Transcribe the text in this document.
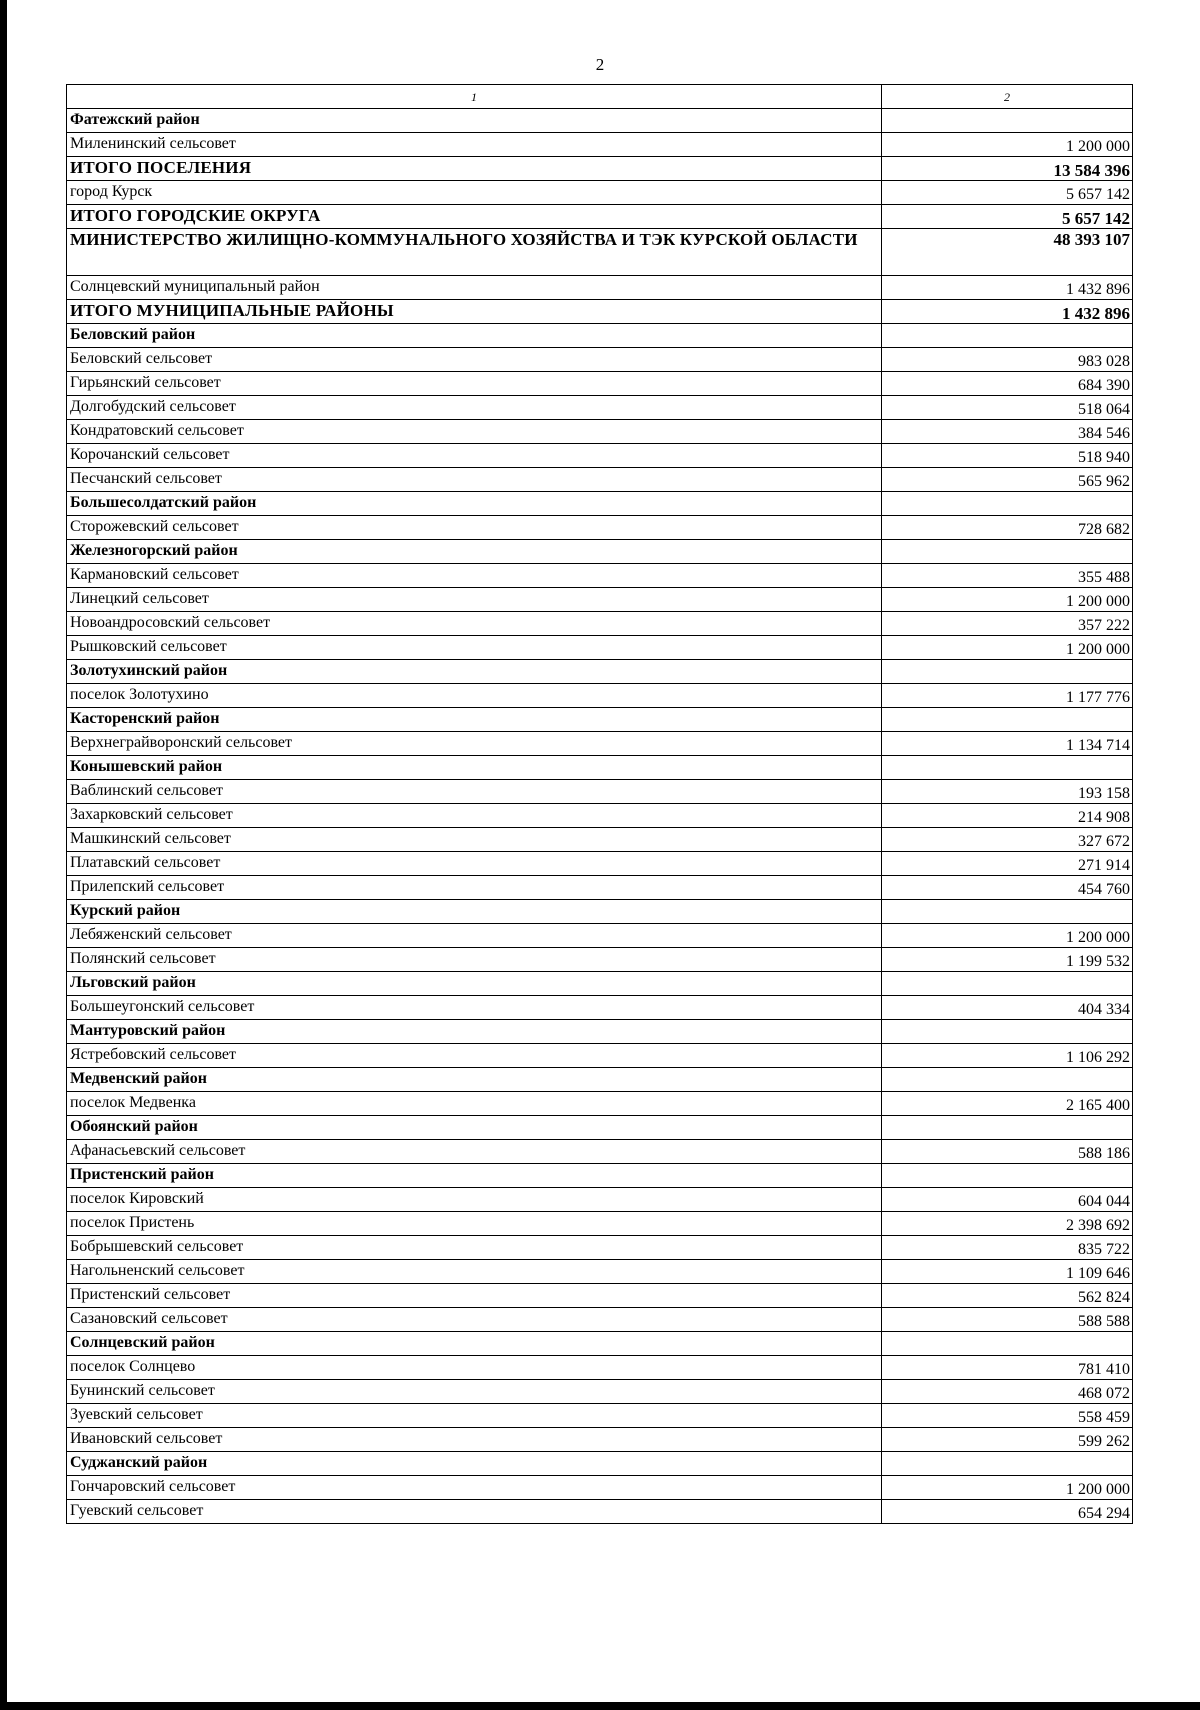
2
1	2
Фатежский район	
Миленинский сельсовет	1 200 000
ИТОГО ПОСЕЛЕНИЯ	13 584 396
город Курск	5 657 142
ИТОГО ГОРОДСКИЕ ОКРУГА	5 657 142
МИНИСТЕРСТВО ЖИЛИЩНО-КОММУНАЛЬНОГО ХОЗЯЙСТВА И ТЭК КУРСКОЙ ОБЛАСТИ	48 393 107
Солнцевский муниципальный район	1 432 896
ИТОГО МУНИЦИПАЛЬНЫЕ РАЙОНЫ	1 432 896
Беловский район	
Беловский сельсовет	983 028
Гирьянский сельсовет	684 390
Долгобудский сельсовет	518 064
Кондратовский сельсовет	384 546
Корочанский сельсовет	518 940
Песчанский сельсовет	565 962
Большесолдатский район	
Сторожевский сельсовет	728 682
Железногорский район	
Кармановский сельсовет	355 488
Линецкий сельсовет	1 200 000
Новоандросовский сельсовет	357 222
Рышковский сельсовет	1 200 000
Золотухинский район	
поселок Золотухино	1 177 776
Касторенский район	
Верхнеграйворонский сельсовет	1 134 714
Конышевский район	
Ваблинский сельсовет	193 158
Захарковский сельсовет	214 908
Машкинский сельсовет	327 672
Платавский сельсовет	271 914
Прилепский сельсовет	454 760
Курский район	
Лебяженский сельсовет	1 200 000
Полянский сельсовет	1 199 532
Льговский район	
Большеугонский сельсовет	404 334
Мантуровский район	
Ястребовский сельсовет	1 106 292
Медвенский район	
поселок Медвенка	2 165 400
Обоянский район	
Афанасьевский сельсовет	588 186
Пристенский район	
поселок Кировский	604 044
поселок Пристень	2 398 692
Бобрышевский сельсовет	835 722
Нагольненский сельсовет	1 109 646
Пристенский сельсовет	562 824
Сазановский сельсовет	588 588
Солнцевский район	
поселок Солнцево	781 410
Бунинский сельсовет	468 072
Зуевский сельсовет	558 459
Ивановский сельсовет	599 262
Суджанский район	
Гончаровский сельсовет	1 200 000
Гуевский сельсовет	654 294
